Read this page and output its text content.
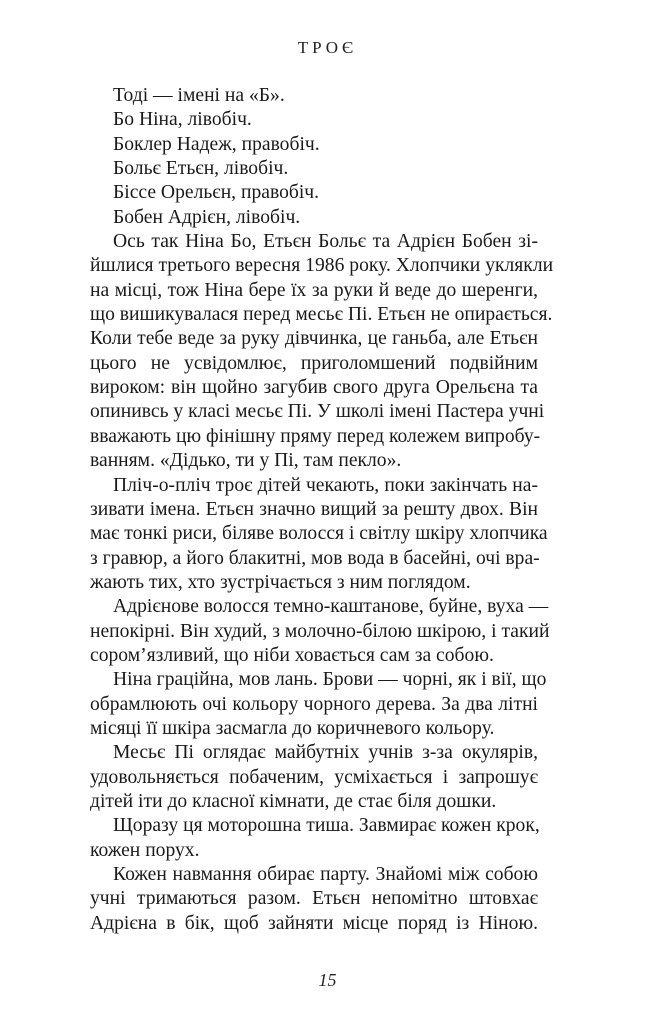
ТРОЄ
Тоді — імені на «Б».
Бо Ніна, лівобіч.
Боклер Надеж, правобіч.
Больє Етьєн, лівобіч.
Біссе Орельєн, правобіч.
Бобен Адрієн, лівобіч.
Ось так Ніна Бо, Етьєн Больє та Адрієн Бобен зі-
йшлися третього вересня 1986 року. Хлопчики уклякли
на місці, тож Ніна бере їх за руки й веде до шеренги,
що вишикувалася перед месьє Пі. Етьєн не опирається.
Коли тебе веде за руку дівчинка, це ганьба, але Етьєн
цього не усвідомлює, приголомшений подвійним
вироком: він щойно загубив свого друга Орельєна та
опинивсь у класі месьє Пі. У школі імені Пастера учні
вважають цю фінішну пряму перед колежем випробу-
ванням. «Дідько, ти у Пі, там пекло».
Пліч-о-пліч троє дітей чекають, поки закінчать на-
зивати імена. Етьєн значно вищий за решту двох. Він
має тонкі риси, біляве волосся і світлу шкіру хлопчика
з гравюр, а його блакитні, мов вода в басейні, очі вра-
жають тих, хто зустрічається з ним поглядом.
Адрієнове волосся темно-каштанове, буйне, вуха —
непокірні. Він худий, з молочно-білою шкірою, і такий
сором’язливий, що ніби ховається сам за собою.
Ніна граційна, мов лань. Брови — чорні, як і вії, що
обрамлюють очі кольору чорного дерева. За два літні
місяці її шкіра засмагла до коричневого кольору.
Месьє Пі оглядає майбутніх учнів з-за окулярів,
удовольняється побаченим, усміхається і запрошує
дітей іти до класної кімнати, де стає біля дошки.
Щоразу ця моторошна тиша. Завмирає кожен крок,
кожен порух.
Кожен навмання обирає парту. Знайомі між собою
учні тримаються разом. Етьєн непомітно штовхає
Адрієна в бік, щоб зайняти місце поряд із Ніною.
15
